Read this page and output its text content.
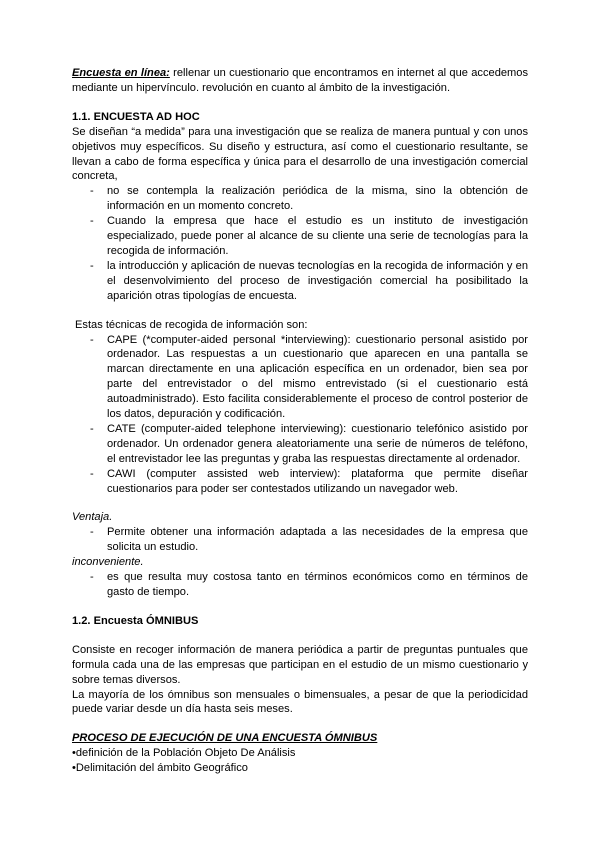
Encuesta en línea: rellenar un cuestionario que encontramos en internet al que accedemos mediante un hipervínculo. revolución en cuanto al ámbito de la investigación.

1.1. ENCUESTA AD HOC

Se diseñan “a medida” para una investigación que se realiza de manera puntual y con unos objetivos muy específicos. Su diseño y estructura, así como el cuestionario resultante, se llevan a cabo de forma específica y única para el desarrollo de una investigación comercial concreta,

- no se contempla la realización periódica de la misma, sino la obtención de información en un momento concreto.
- Cuando la empresa que hace el estudio es un instituto de investigación especializado, puede poner al alcance de su cliente una serie de tecnologías para la recogida de información.
- la introducción y aplicación de nuevas tecnologías en la recogida de información y en el desenvolvimiento del proceso de investigación comercial ha posibilitado la aparición otras tipologías de encuesta.

Estas técnicas de recogida de información son:

- CAPE (*computer-aided personal *interviewing): cuestionario personal asistido por ordenador. Las respuestas a un cuestionario que aparecen en una pantalla se marcan directamente en una aplicación específica en un ordenador, bien sea por parte del entrevistador o del mismo entrevistado (si el cuestionario está autoadministrado). Esto facilita considerablemente el proceso de control posterior de los datos, depuración y codificación.
- CATE (computer-aided telephone interviewing): cuestionario telefónico asistido por ordenador. Un ordenador genera aleatoriamente una serie de números de teléfono, el entrevistador lee las preguntas y graba las respuestas directamente al ordenador.
- CAWI (computer assisted web interview): plataforma que permite diseñar cuestionarios para poder ser contestados utilizando un navegador web.
Ventaja.
- Permite obtener una información adaptada a las necesidades de la empresa que solicita un estudio.
inconveniente.
- es que resulta muy costosa tanto en términos económicos como en términos de gasto de tiempo.
1.2. Encuesta ÓMNIBUS

Consiste en recoger información de manera periódica a partir de preguntas puntuales que formula cada una de las empresas que participan en el estudio de un mismo cuestionario y sobre temas diversos.

La mayoría de los ómnibus son mensuales o bimensuales, a pesar de que la periodicidad puede variar desde un día hasta seis meses.

PROCESO DE EJECUCIÓN DE UNA ENCUESTA ÓMNIBUS
•definición de la Población Objeto De Análisis
•Delimitación del ámbito Geográfico
